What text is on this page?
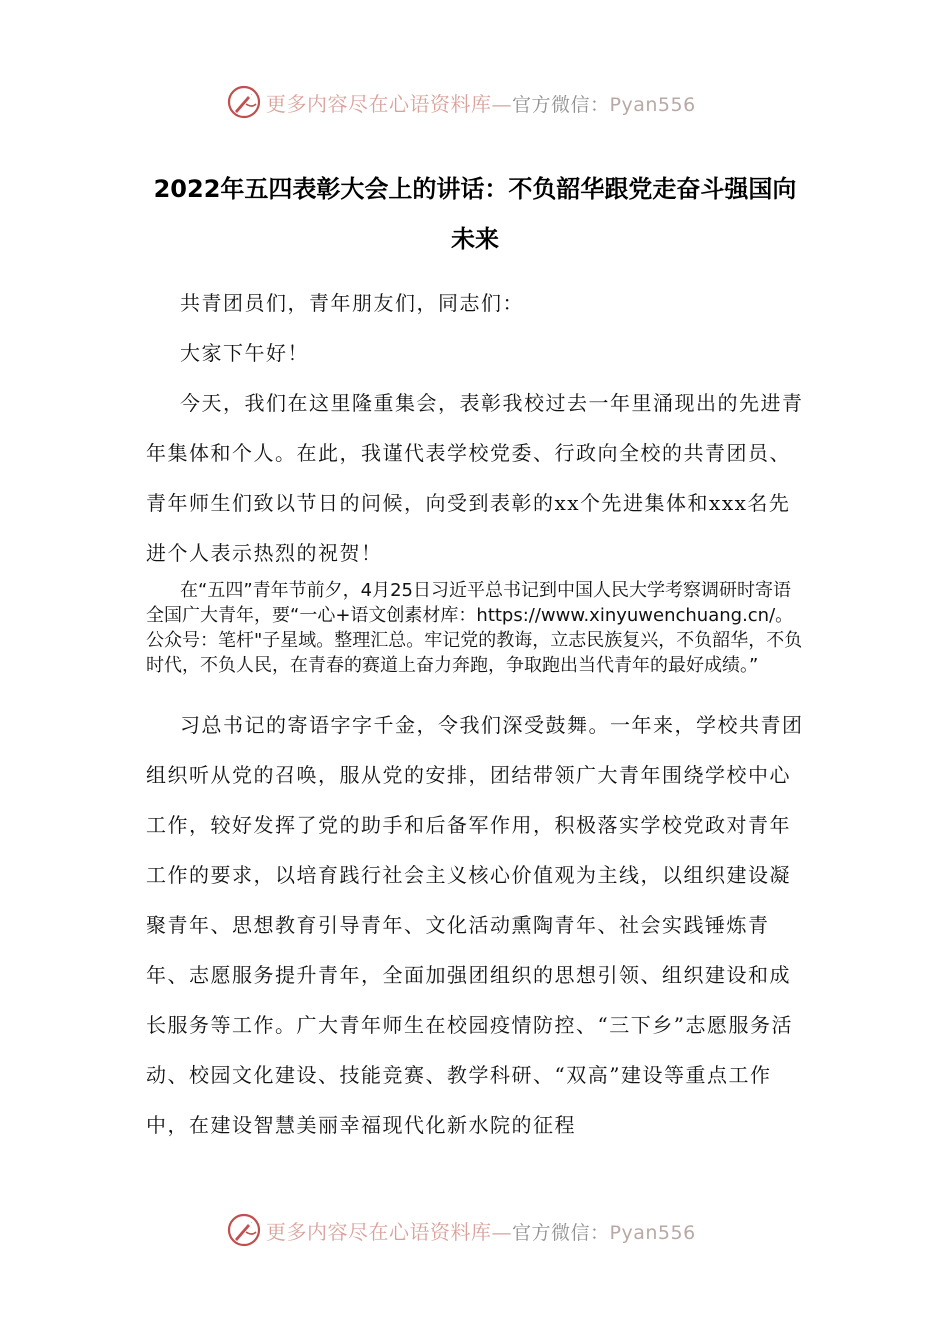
更多内容尽在心语资料库—官方微信：Pyan556
2022年五四表彰大会上的讲话：不负韶华跟党走奋斗强国向未来
共青团员们，青年朋友们，同志们：
大家下午好！
今天，我们在这里隆重集会，表彰我校过去一年里涌现出的先进青年集体和个人。在此，我谨代表学校党委、行政向全校的共青团员、青年师生们致以节日的问候，向受到表彰的xx个先进集体和xxx名先进个人表示热烈的祝贺！
在“五四”青年节前夕，4月25日习近平总书记到中国人民大学考察调研时寄语全国广大青年，要“一心+语文创素材库：https://www.xinyuwenchuang.cn/。公众号：笔杆"子星域。整理汇总。牢记党的教诲，立志民族复兴，不负韶华，不负时代，不负人民，在青春的赛道上奋力奔跑，争取跑出当代青年的最好成绩。”
习总书记的寄语字字千金，令我们深受鼓舞。一年来，学校共青团组织听从党的召唤，服从党的安排，团结带领广大青年围绕学校中心工作，较好发挥了党的助手和后备军作用，积极落实学校党政对青年工作的要求，以培育践行社会主义核心价值观为主线，以组织建设凝聚青年、思想教育引导青年、文化活动熏陶青年、社会实践锤炼青年、志愿服务提升青年，全面加强团组织的思想引领、组织建设和成长服务等工作。广大青年师生在校园疫情防控、“三下乡”志愿服务活动、校园文化建设、技能竞赛、教学科研、“双高”建设等重点工作中，在建设智慧美丽幸福现代化新水院的征程
更多内容尽在心语资料库—官方微信：Pyan556
